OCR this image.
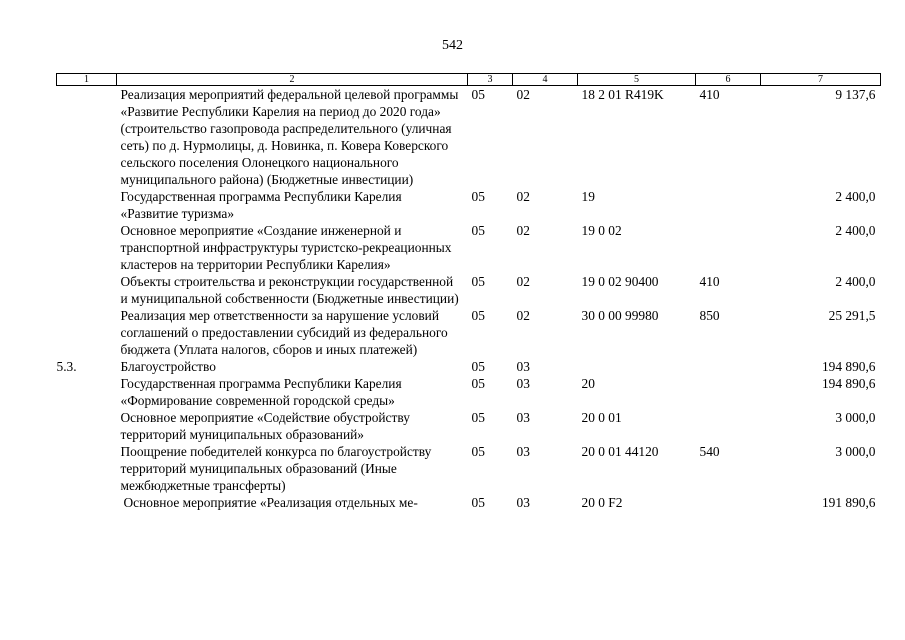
542
1	2	3	4	5	6	7
	Реализация мероприятий федеральной целевой программы «Развитие Республики Карелия на период до 2020 года» (строительство газопровода распределительного (уличная сеть) по д. Нурмолицы, д. Новинка, п. Ковера Коверского сельского поселения Олонецкого национального муниципального района) (Бюджетные инвестиции)	05	02	18 2 01 R419K	410	9 137,6
	Государственная программа Республики Карелия «Развитие туризма»	05	02	19		2 400,0
	Основное мероприятие «Создание инженерной и транспортной инфраструктуры туристско-рекреационных кластеров на территории Республики Карелия»	05	02	19 0 02		2 400,0
	Объекты строительства и реконструкции государственной и муниципальной собственности (Бюджетные инвестиции)	05	02	19 0 02 90400	410	2 400,0
	Реализация мер ответственности за нарушение условий соглашений о предоставлении субсидий из федерального бюджета (Уплата налогов, сборов и иных платежей)	05	02	30 0 00 99980	850	25 291,5
5.3.	Благоустройство	05	03			194 890,6
	Государственная программа Республики Карелия «Формирование современной городской среды»	05	03	20		194 890,6
	Основное мероприятие «Содействие обустройству территорий муниципальных образований»	05	03	20 0 01		3 000,0
	Поощрение победителей конкурса по благоустройству территорий муниципальных образований (Иные межбюджетные трансферты)	05	03	20 0 01 44120	540	3 000,0
	Основное мероприятие «Реализация отдельных ме-	05	03	20 0 F2		191 890,6
